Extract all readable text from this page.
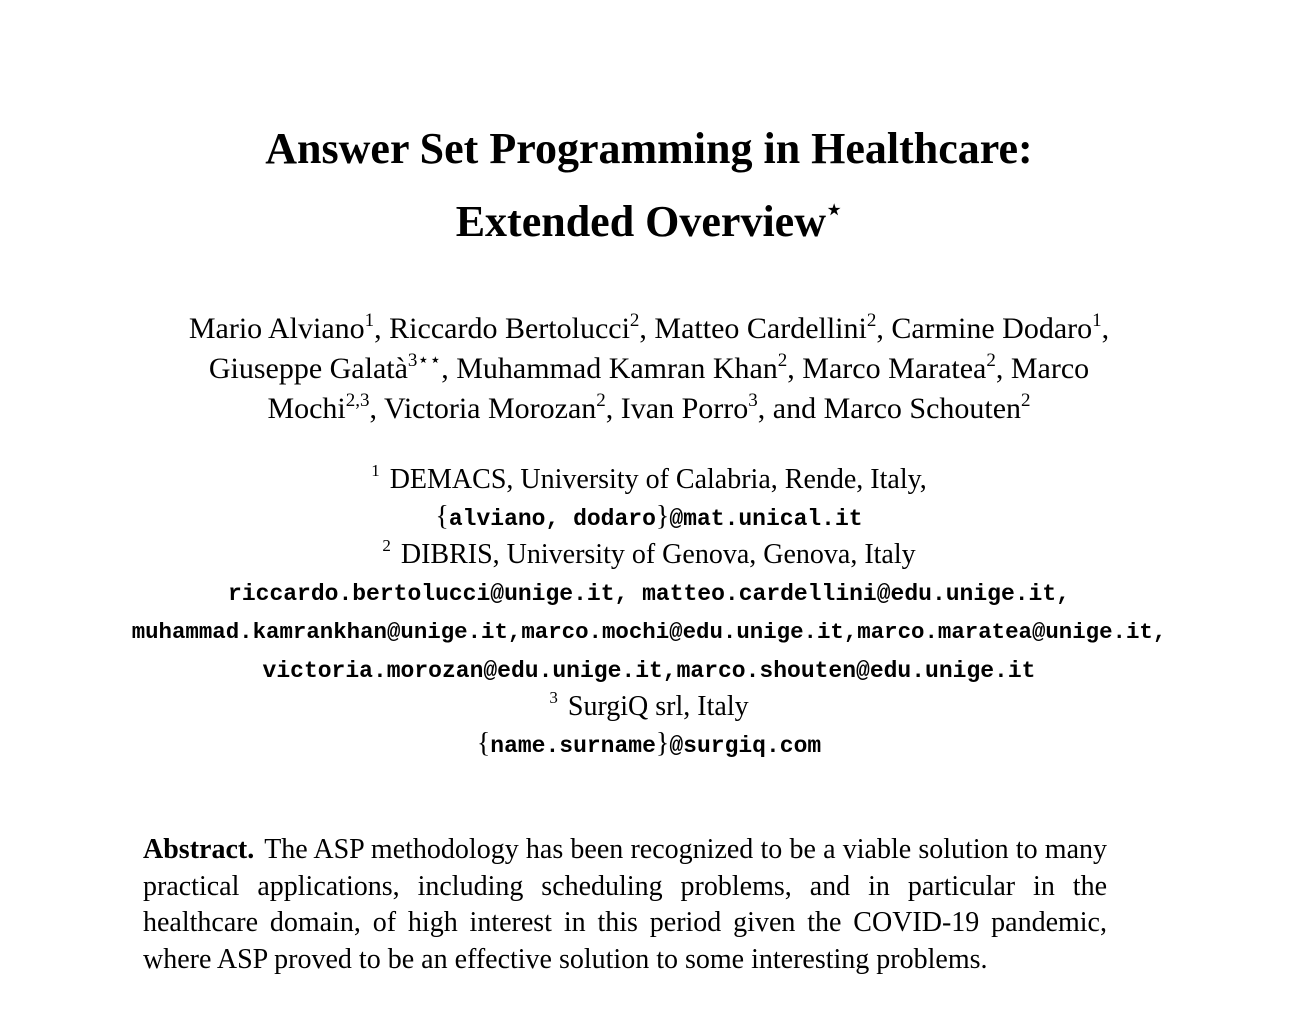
Answer Set Programming in Healthcare:
Extended Overview⋆
Mario Alviano$^1$, Riccardo Bertolucci$^2$, Matteo Cardellini$^2$, Carmine Dodaro$^1$,
Giuseppe Galatà$^{3⋆⋆}$, Muhammad Kamran Khan$^2$, Marco Maratea$^2$, Marco
Mochi$^{2,3}$, Victoria Morozan$^2$, Ivan Porro$^3$, and Marco Schouten$^2$
$^1$ DEMACS, University of Calabria, Rende, Italy,
{alviano, dodaro}@mat.unical.it
$^2$ DIBRIS, University of Genova, Genova, Italy
riccardo.bertolucci@unige.it, matteo.cardellini@edu.unige.it,
muhammad.kamrankhan@unige.it,marco.mochi@edu.unige.it,marco.maratea@unige.it,
victoria.morozan@edu.unige.it,marco.shouten@edu.unige.it
$^3$ SurgiQ srl, Italy
{name.surname}@surgiq.com
Abstract. The ASP methodology has been recognized to be a viable solution to many practical applications, including scheduling problems, and in particular in the healthcare domain, of high interest in this period given the COVID-19 pandemic, where ASP proved to be an effective solution to some interesting problems.
